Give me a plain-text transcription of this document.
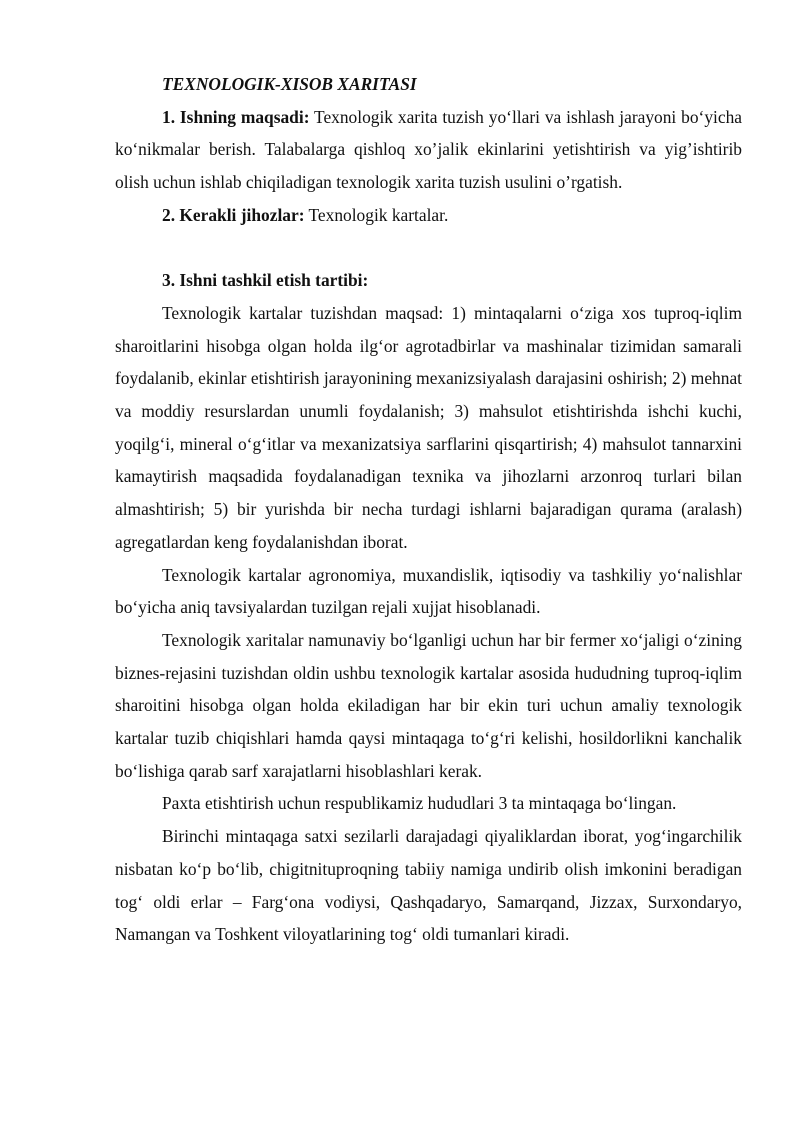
TEXNOLOGIK-XISOB XARITASI

1. Ishning maqsadi: Texnologik xarita tuzish yo‘llari va ishlash jarayoni bo‘yicha ko‘nikmalar berish. Talabalarga qishloq xo’jalik ekinlarini yetishtirish va yig’ishtirib olish uchun ishlab chiqiladigan texnologik xarita tuzish usulini o’rgatish.

2. Kerakli jihozlar: Texnologik kartalar.

3. Ishni tashkil etish tartibi:

Texnologik kartalar tuzishdan maqsad: 1) mintaqalarni o‘ziga xos tuproq-iqlim sharoitlarini hisobga olgan holda ilg‘or agrotadbirlar va mashinalar tizimidan samarali foydalanib, ekinlar etishtirish jarayonining mexanizsiyalash darajasini oshirish; 2) mehnat va moddiy resurslardan unumli foydalanish; 3) mahsulot etishtirishda ishchi kuchi, yoqilg‘i, mineral o‘g‘itlar va mexanizatsiya sarflarini qisqartirish; 4) mahsulot tannarxini kamaytirish maqsadida foydalanadigan texnika va jihozlarni arzonroq turlari bilan almashtirish; 5) bir yurishda bir necha turdagi ishlarni bajaradigan qurama (aralash) agregatlardan keng foydalanishdan iborat.

Texnologik kartalar agronomiya, muxandislik, iqtisodiy va tashkiliy yo‘nalishlar bo‘yicha aniq tavsiyalardan tuzilgan rejali xujjat hisoblanadi.

Texnologik xaritalar namunaviy bo‘lganligi uchun har bir fermer xo‘jaligi o‘zining biznes-rejasini tuzishdan oldin ushbu texnologik kartalar asosida hududning tuproq-iqlim sharoitini hisobga olgan holda ekiladigan har bir ekin turi uchun amaliy texnologik kartalar tuzib chiqishlari hamda qaysi mintaqaga to‘g‘ri kelishi, hosildorlikni kanchalik bo‘lishiga qarab sarf xarajatlarni hisoblashlari kerak.

Paxta etishtirish uchun respublikamiz hududlari 3 ta mintaqaga bo‘lingan.

Birinchi mintaqaga satxi sezilarli darajadagi qiyaliklardan iborat, yog‘ingarchilik nisbatan ko‘p bo‘lib, chigitnituproqning tabiiy namiga undirib olish imkonini beradigan tog‘ oldi erlar – Farg‘ona vodiysi, Qashqadaryo, Samarqand, Jizzax, Surxondaryo, Namangan va Toshkent viloyatlarining tog‘ oldi tumanlari kiradi.
